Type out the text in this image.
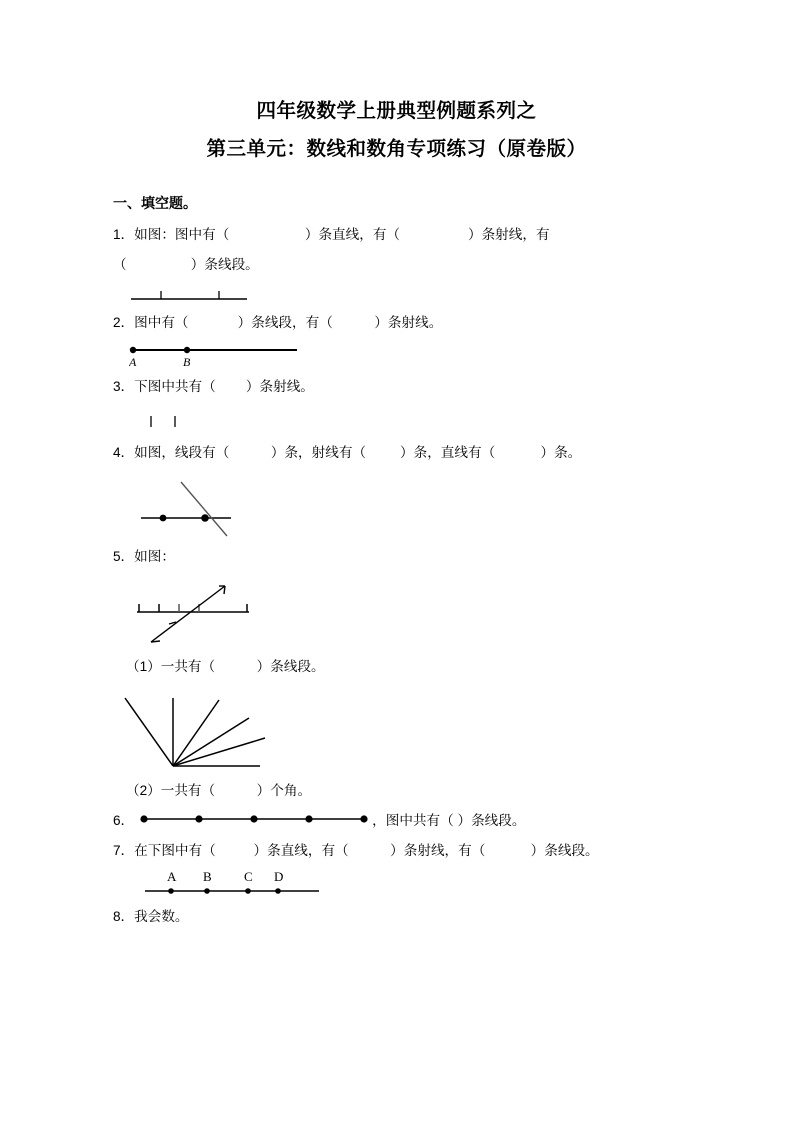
四年级数学上册典型例题系列之
第三单元：数线和数角专项练习（原卷版）
一、填空题。
1．如图：图中有（                    ）条直线，有（                  ）条射线，有
（                 ）条线段。
2．图中有（             ）条线段，有（           ）条射线。
A	B
3．下图中共有（        ）条射线。
4．如图，线段有（           ）条，射线有（         ）条，直线有（            ）条。
5．如图：
（1）一共有（           ）条线段。
（2）一共有（           ）个角。
6．	，图中共有（ ）条线段。
7．在下图中有（          ）条直线，有（           ）条射线，有（            ）条线段。
A B C D
8．我会数。
